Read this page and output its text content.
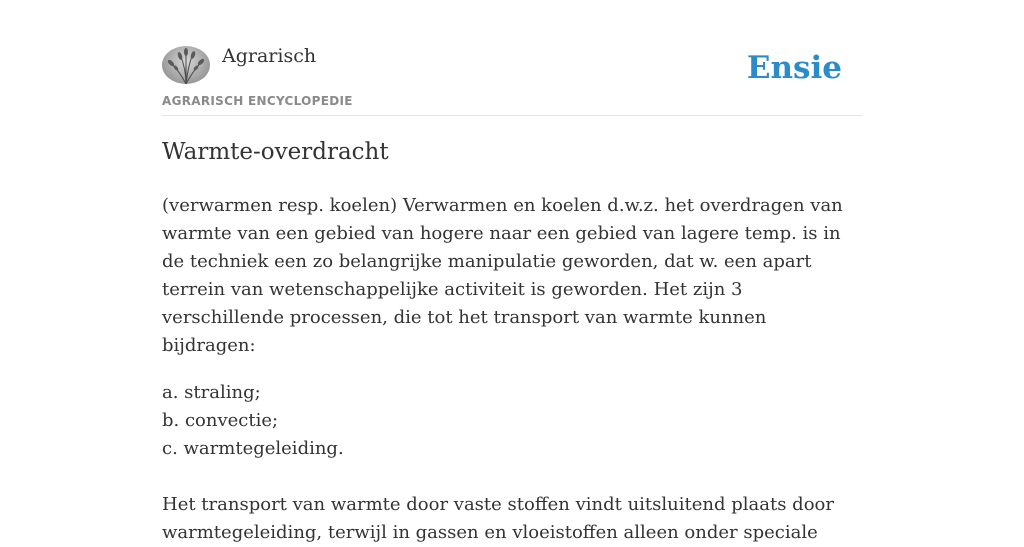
Agrarisch
AGRARISCH ENCYCLOPEDIE
Ensie
Warmte-overdracht

(verwarmen resp. koelen) Verwarmen en koelen d.w.z. het overdragen van warmte van een gebied van hogere naar een gebied van lagere temp. is in de techniek een zo belangrijke manipulatie geworden, dat w. een apart terrein van wetenschappelijke activiteit is geworden. Het zijn 3 verschillende processen, die tot het transport van warmte kunnen bijdragen:

a. straling;
b. convectie;
c. warmtegeleiding.

Het transport van warmte door vaste stoffen vindt uitsluitend plaats door warmtegeleiding, terwijl in gassen en vloeistoffen alleen onder speciale
